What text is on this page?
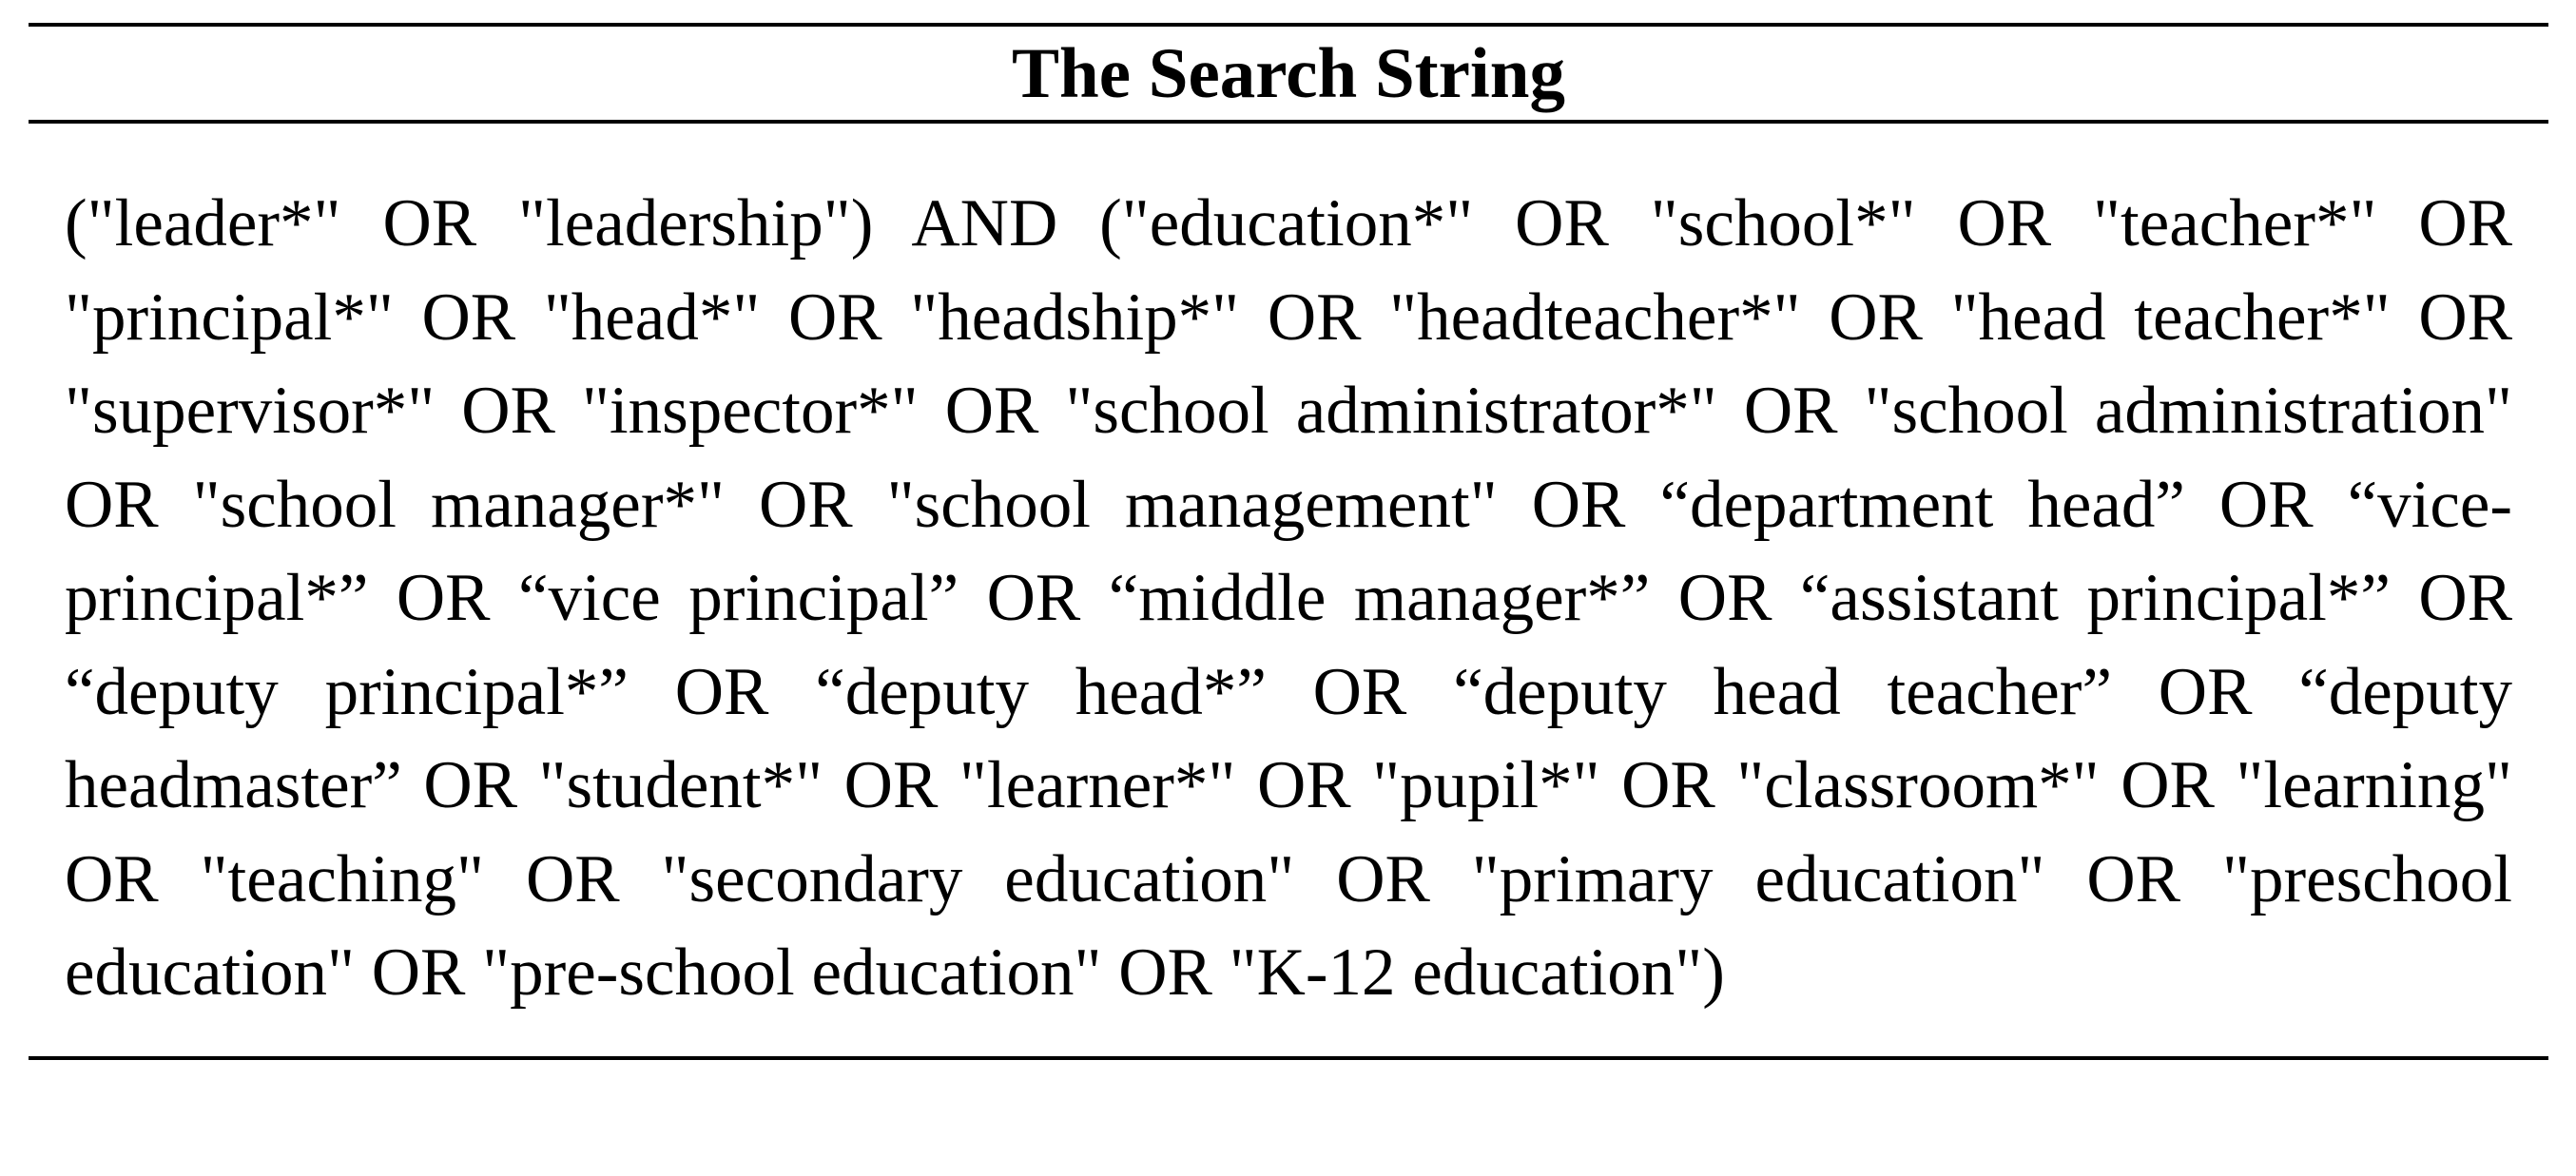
The Search String

("leader*" OR "leadership") AND ("education*" OR "school*" OR "teacher*" OR "principal*" OR "head*" OR "headship*" OR "headteacher*" OR "head teacher*" OR "supervisor*" OR "inspector*" OR "school administrator*" OR "school administration" OR "school manager*" OR "school management" OR “department head” OR “vice-principal*” OR “vice principal” OR “middle manager*” OR “assistant principal*” OR “deputy principal*” OR “deputy head*” OR “deputy head teacher” OR “deputy headmaster” OR "student*" OR "learner*" OR "pupil*" OR "classroom*" OR "learning" OR "teaching" OR "secondary education" OR "primary education" OR "preschool education" OR "pre-school education" OR "K-12 education")
